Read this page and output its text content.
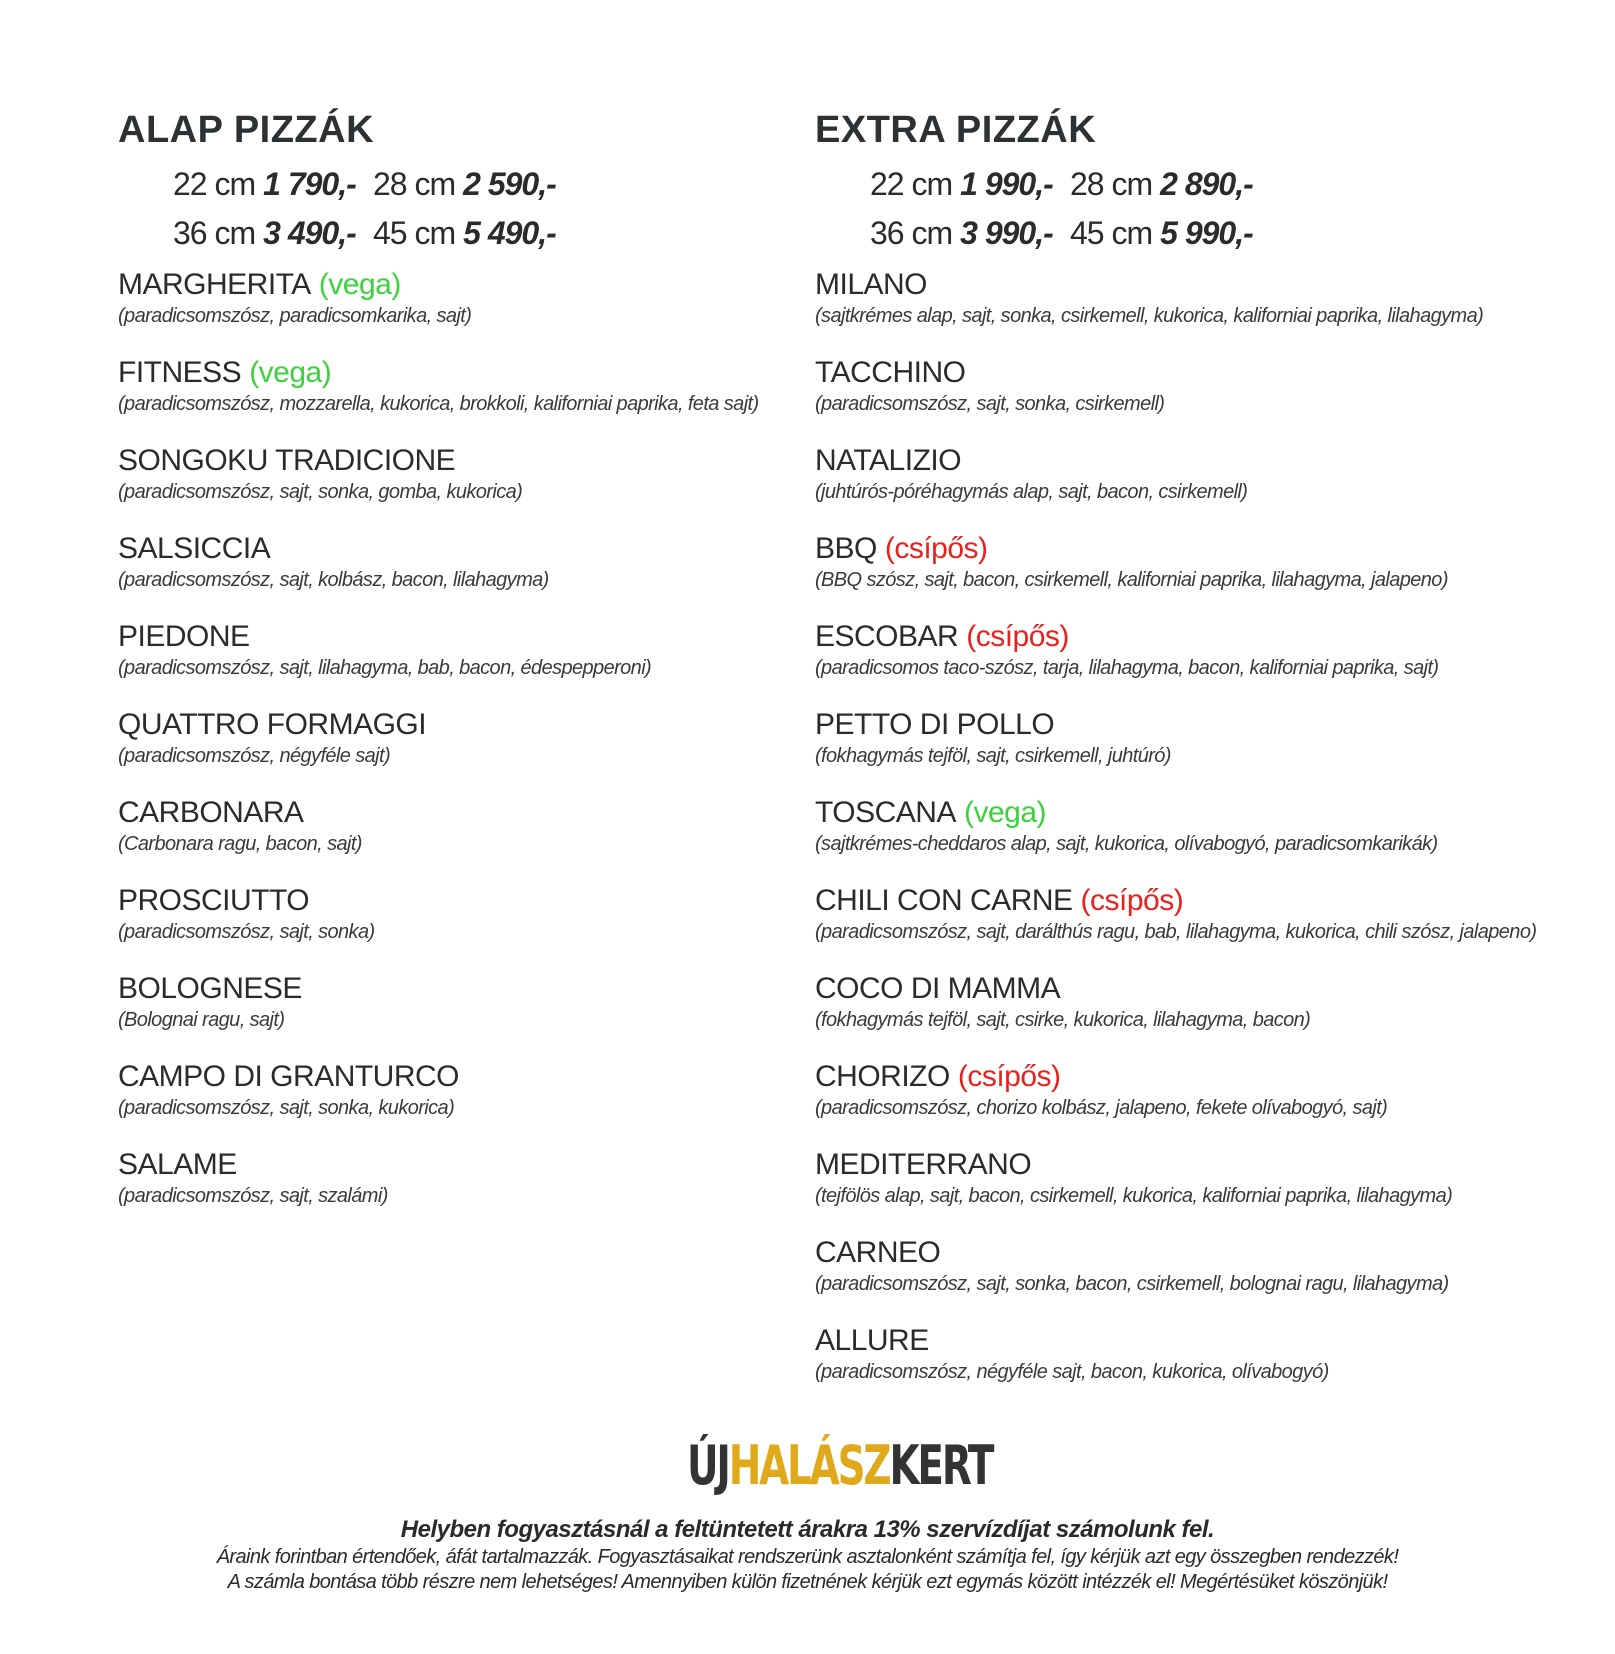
ALAP PIZZÁK
22 cm 1 790,- 28 cm 2 590,-
36 cm 3 490,- 45 cm 5 490,-
MARGHERITA (vega)
(paradicsomszósz, paradicsomkarika, sajt)
FITNESS (vega)
(paradicsomszósz, mozzarella, kukorica, brokkoli, kaliforniai paprika, feta sajt)
SONGOKU TRADICIONE
(paradicsomszósz, sajt, sonka, gomba, kukorica)
SALSICCIA
(paradicsomszósz, sajt, kolbász, bacon, lilahagyma)
PIEDONE
(paradicsomszósz, sajt, lilahagyma, bab, bacon, édespepperoni)
QUATTRO FORMAGGI
(paradicsomszósz, négyféle sajt)
CARBONARA
(Carbonara ragu, bacon, sajt)
PROSCIUTTO
(paradicsomszósz, sajt, sonka)
BOLOGNESE
(Bolognai ragu, sajt)
CAMPO DI GRANTURCO
(paradicsomszósz, sajt, sonka, kukorica)
SALAME
(paradicsomszósz, sajt, szalámi)
EXTRA PIZZÁK
22 cm 1 990,- 28 cm 2 890,-
36 cm 3 990,- 45 cm 5 990,-
MILANO
(sajtkrémes alap, sajt, sonka, csirkemell, kukorica, kaliforniai paprika, lilahagyma)
TACCHINO
(paradicsomszósz, sajt, sonka, csirkemell)
NATALIZIO
(juhtúrós-póréhagymás alap, sajt, bacon, csirkemell)
BBQ (csípős)
(BBQ szósz, sajt, bacon, csirkemell, kaliforniai paprika, lilahagyma, jalapeno)
ESCOBAR (csípős)
(paradicsomos taco-szósz, tarja, lilahagyma, bacon, kaliforniai paprika, sajt)
PETTO DI POLLO
(fokhagymás tejföl, sajt, csirkemell, juhtúró)
TOSCANA (vega)
(sajtkrémes-cheddaros alap, sajt, kukorica, olívabogyó, paradicsomkarikák)
CHILI CON CARNE (csípős)
(paradicsomszósz, sajt, darálthús ragu, bab, lilahagyma, kukorica, chili szósz, jalapeno)
COCO DI MAMMA
(fokhagymás tejföl, sajt, csirke, kukorica, lilahagyma, bacon)
CHORIZO (csípős)
(paradicsomszósz, chorizo kolbász, jalapeno, fekete olívabogyó, sajt)
MEDITERRANO
(tejfölös alap, sajt, bacon, csirkemell, kukorica, kaliforniai paprika, lilahagyma)
CARNEO
(paradicsomszósz, sajt, sonka, bacon, csirkemell, bolognai ragu, lilahagyma)
ALLURE
(paradicsomszósz, négyféle sajt, bacon, kukorica, olívabogyó)
ÚJHALÁSZKERT
Helyben fogyasztásnál a feltüntetett árakra 13% szervízdíjat számolunk fel.
Áraink forintban értendőek, áfát tartalmazzák. Fogyasztásaikat rendszerünk asztalonként számítja fel, így kérjük azt egy összegben rendezzék!
A számla bontása több részre nem lehetséges! Amennyiben külön fizetnének kérjük ezt egymás között intézzék el! Megértésüket köszönjük!
